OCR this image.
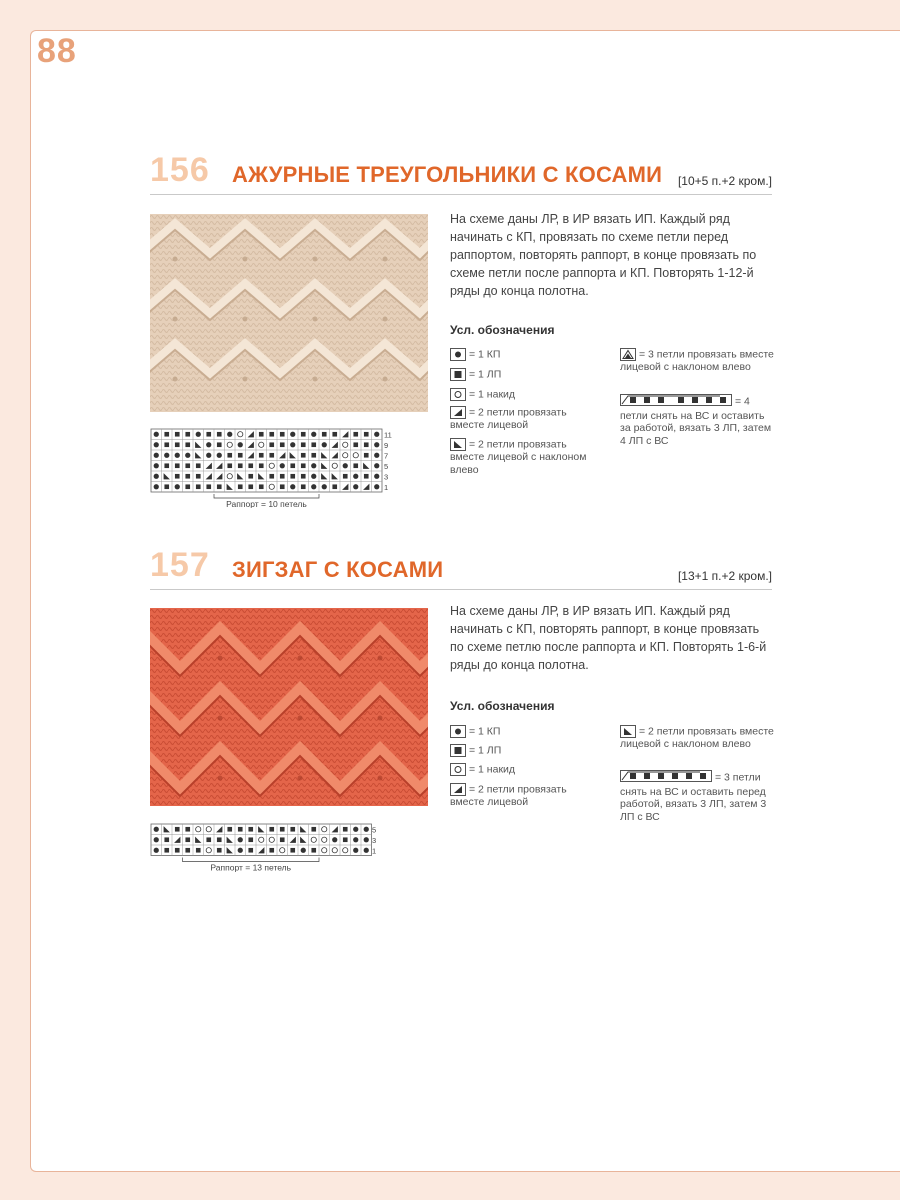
88
156 АЖУРНЫЕ ТРЕУГОЛЬНИКИ С КОСАМИ [10+5 п.+2 кром.]
На схеме даны ЛР, в ИР вязать ИП. Каждый ряд начинать с КП, провязать по схеме петли перед раппортом, повторять раппорт, в конце провязать по схеме петли после раппорта и КП. Повторять 1-12-й ряды до конца полотна.
Усл. обозначения
= 1 КП
= 1 ЛП
= 1 накид
= 2 петли провязать вместе лицевой
= 2 петли провязать вместе лицевой с наклоном влево
= 3 петли провязать вместе лицевой с наклоном влево
= 4 петли снять на ВС и оставить за работой, вязать 3 ЛП, затем 4 ЛП с ВС
Раппорт = 10 петель
11
9
7
5
3
1
157 ЗИГЗАГ С КОСАМИ	[13+1 п.+2 кром.]
На схеме даны ЛР, в ИР вязать ИП. Каждый ряд начинать с КП, повторять раппорт, в конце провязать по схеме петлю после раппорта и КП. Повторять 1-6-й ряды до конца полотна.
Усл. обозначения
= 1 КП
= 1 ЛП
= 1 накид
= 2 петли провязать вместе лицевой
= 2 петли провязать вместе лицевой с наклоном влево
= 3 петли снять на ВС и оставить перед работой, вязать 3 ЛП, затем 3 ЛП с ВС
Раппорт = 13 петель
5
3
1
